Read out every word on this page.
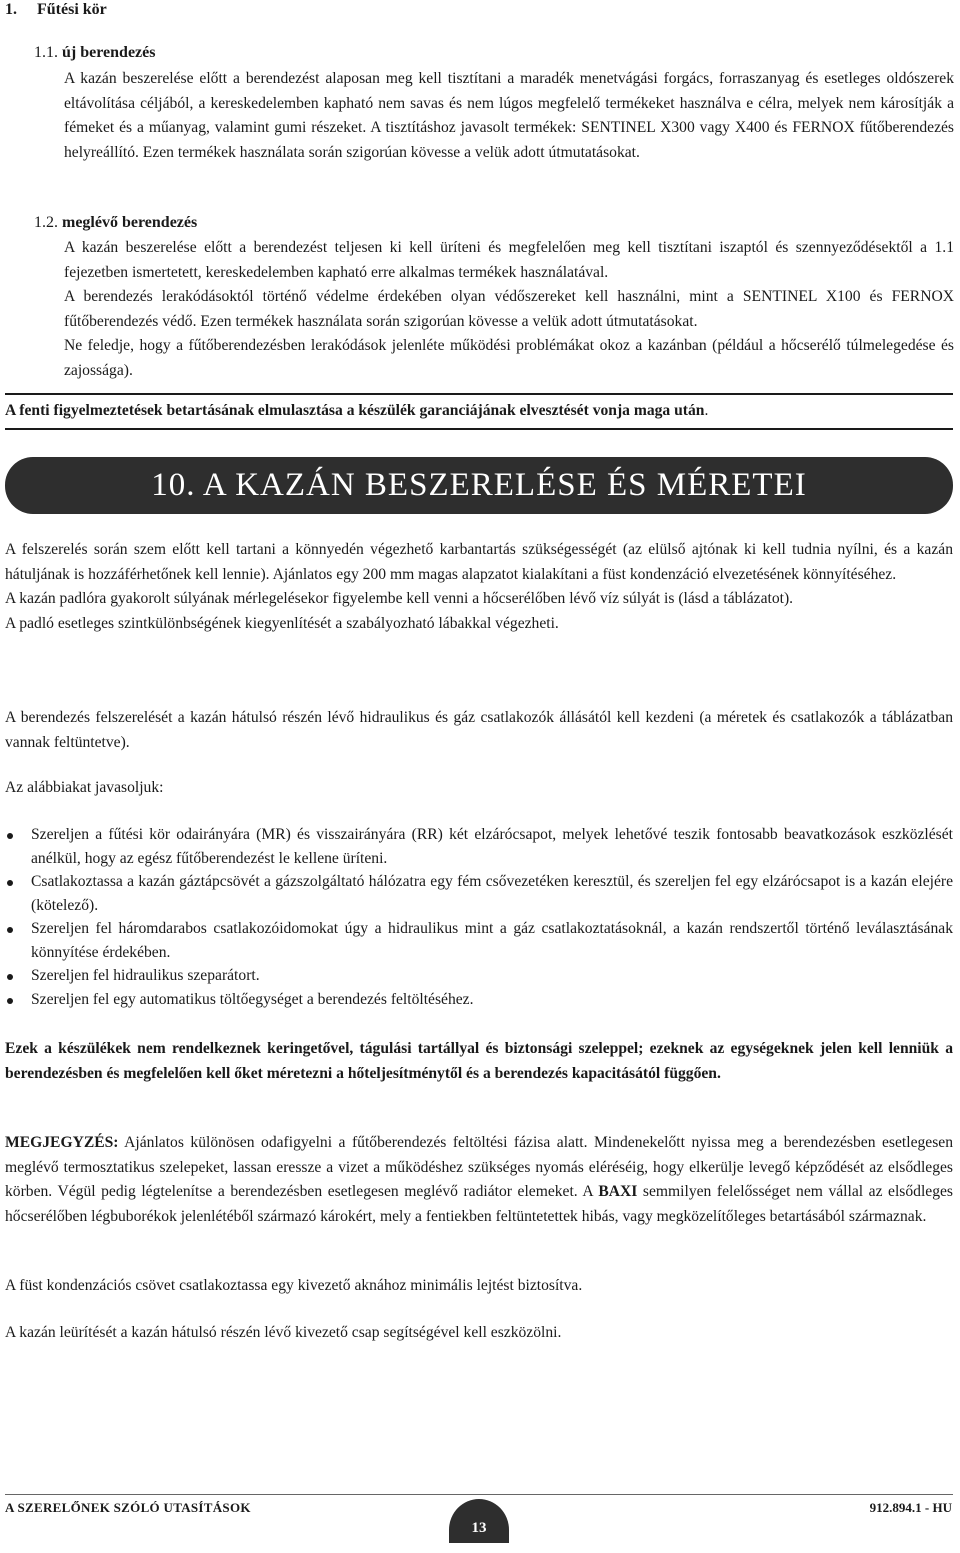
1. Fűtési kör
1.1. új berendezés

A kazán beszerelése előtt a berendezést alaposan meg kell tisztítani a maradék menetvágási forgács, forraszanyag és esetleges oldószerek eltávolítása céljából, a kereskedelemben kapható nem savas és nem lúgos megfelelő termékeket használva e célra, melyek nem károsítják a fémeket és a műanyag, valamint gumi részeket. A tisztításhoz javasolt termékek: SENTINEL X300 vagy X400 és FERNOX fűtőberendezés helyreállító. Ezen termékek használata során szigorúan kövesse a velük adott útmutatásokat.

1.2. meglévő berendezés

A kazán beszerelése előtt a berendezést teljesen ki kell üríteni és megfelelően meg kell tisztítani iszaptól és szennyeződésektől a 1.1 fejezetben ismertetett, kereskedelemben kapható erre alkalmas termékek használatával.

A berendezés lerakódásoktól történő védelme érdekében olyan védőszereket kell használni, mint a SENTINEL X100 és FERNOX fűtőberendezés védő. Ezen termékek használata során szigorúan kövesse a velük adott útmutatásokat.

Ne feledje, hogy a fűtőberendezésben lerakódások jelenléte működési problémákat okoz a kazánban (például a hőcserélő túlmelegedése és zajossága).

A fenti figyelmeztetések betartásának elmulasztása a készülék garanciájának elvesztését vonja maga után.
10. A KAZÁN BESZERELÉSE ÉS MÉRETEI

A felszerelés során szem előtt kell tartani a könnyedén végezhető karbantartás szükségességét (az elülső ajtónak ki kell tudnia nyílni, és a kazán hátuljának is hozzáférhetőnek kell lennie). Ajánlatos egy 200 mm magas alapzatot kialakítani a füst kondenzáció elvezetésének könnyítéséhez.

A kazán padlóra gyakorolt súlyának mérlegelésekor figyelembe kell venni a hőcserélőben lévő víz súlyát is (lásd a táblázatot).

A padló esetleges szintkülönbségének kiegyenlítését a szabályozható lábakkal végezheti.

A berendezés felszerelését a kazán hátulsó részén lévő hidraulikus és gáz csatlakozók állásától kell kezdeni (a méretek és csatlakozók a táblázatban vannak feltüntetve).

Az alábbiakat javasoljuk:

Szereljen a fűtési kör odairányára (MR) és visszairányára (RR) két elzárócsapot, melyek lehetővé teszik fontosabb beavatkozások eszközlését anélkül, hogy az egész fűtőberendezést le kellene üríteni.
Csatlakoztassa a kazán gáztápcsövét a gázszolgáltató hálózatra egy fém csővezetéken keresztül, és szereljen fel egy elzárócsapot is a kazán elejére (kötelező).
Szereljen fel háromdarabos csatlakozóidomokat úgy a hidraulikus mint a gáz csatlakoztatásoknál, a kazán rendszertől történő leválasztásának könnyítése érdekében.
Szereljen fel hidraulikus szeparátort.
Szereljen fel egy automatikus töltőegységet a berendezés feltöltéséhez.

Ezek a készülékek nem rendelkeznek keringetővel, tágulási tartállyal és biztonsági szeleppel; ezeknek az egységeknek jelen kell lenniük a berendezésben és megfelelően kell őket méretezni a hőteljesítménytől és a berendezés kapacitásától függően.

MEGJEGYZÉS: Ajánlatos különösen odafigyelni a fűtőberendezés feltöltési fázisa alatt. Mindenekelőtt nyissa meg a berendezésben esetlegesen meglévő termosztatikus szelepeket, lassan eressze a vizet a működéshez szükséges nyomás eléréséig, hogy elkerülje levegő képződését az elsődleges körben. Végül pedig légtelenítse a berendezésben esetlegesen meglévő radiátor elemeket. A BAXI semmilyen felelősséget nem vállal az elsődleges hőcserélőben légbuborékok jelenlétéből származó károkért, mely a fentiekben feltüntetettek hibás, vagy megközelítőleges betartásából származnak.

A füst kondenzációs csövet csatlakoztassa egy kivezető aknához minimális lejtést biztosítva.

A kazán leürítését a kazán hátulsó részén lévő kivezető csap segítségével kell eszközölni.

A SZERELŐNEK SZÓLÓ UTASÍTÁSOK
13
912.894.1 - HU
